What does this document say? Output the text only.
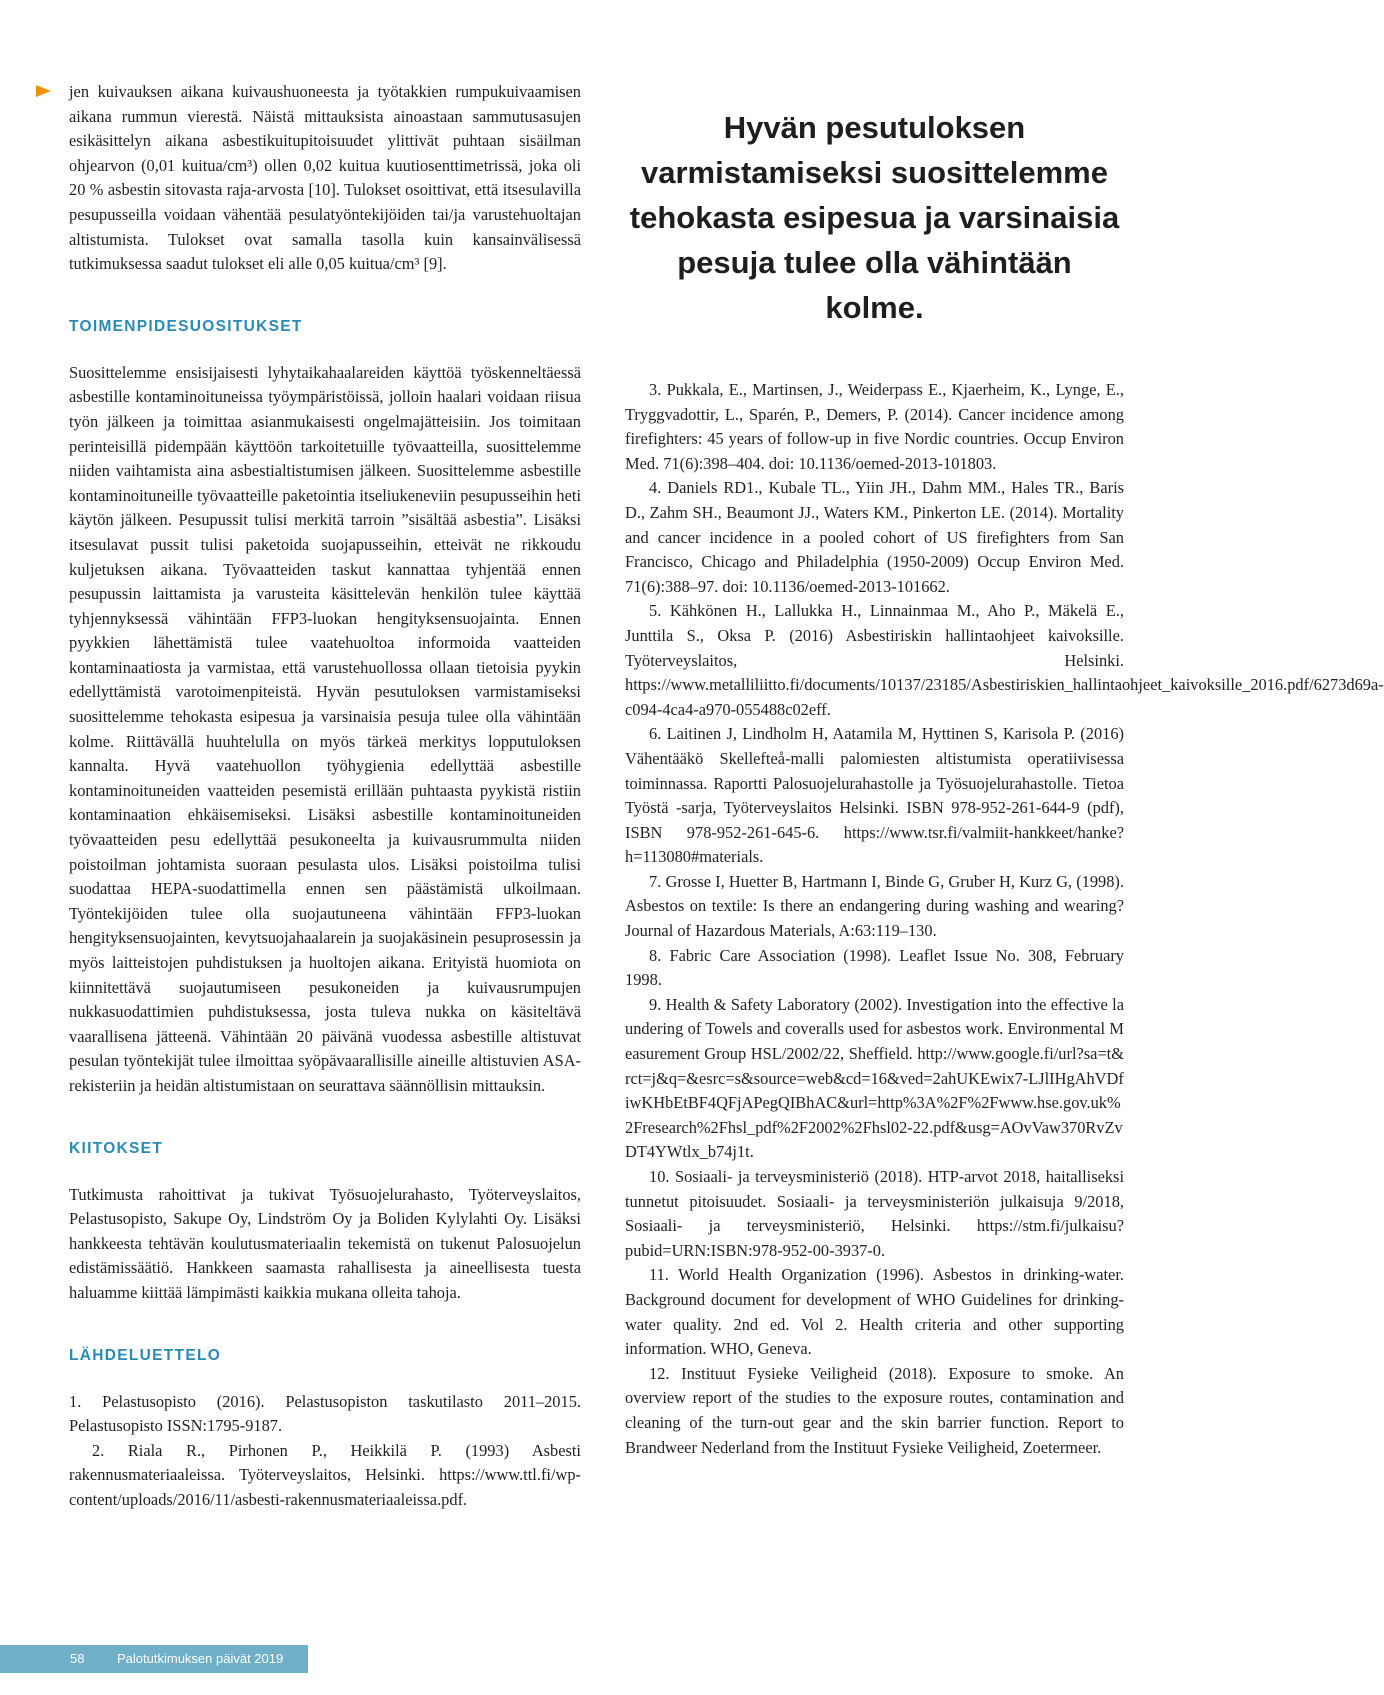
jen kuivauksen aikana kuivaushuoneesta ja työtakkien rumpukuivaamisen aikana rummun vierestä. Näistä mittauksista ainoastaan sammutusasujen esikäsittelyn aikana asbestikuitupitoisuudet ylittivät puhtaan sisäilman ohjearvon (0,01 kuitua/cm³) ollen 0,02 kuitua kuutiosenttimetrissä, joka oli 20 % asbestin sitovasta raja-arvosta [10]. Tulokset osoittivat, että itsesulavilla pesupusseilla voidaan vähentää pesulatyöntekijöiden tai/ja varustehuoltajan altistumista. Tulokset ovat samalla tasolla kuin kansainvälisessä tutkimuksessa saadut tulokset eli alle 0,05 kuitua/cm³ [9].

TOIMENPIDESUOSITUKSET

Suosittelemme ensisijaisesti lyhytaikahaalareiden käyttöä työskenneltäessä asbestille kontaminoituneissa työympäristöissä, jolloin haalari voidaan riisua työn jälkeen ja toimittaa asianmukaisesti ongelmajätteisiin. Jos toimitaan perinteisillä pidempään käyttöön tarkoitetuille työvaatteilla, suosittelemme niiden vaihtamista aina asbestialtistumisen jälkeen. Suosittelemme asbestille kontaminoituneille työvaatteille paketointia itseliukeneviin pesupusseihin heti käytön jälkeen. Pesupussit tulisi merkitä tarroin ”sisältää asbestia”. Lisäksi itsesulavat pussit tulisi paketoida suojapusseihin, etteivät ne rikkoudu kuljetuksen aikana. Työvaatteiden taskut kannattaa tyhjentää ennen pesupussin laittamista ja varusteita käsittelevän henkilön tulee käyttää tyhjennyksessä vähintään FFP3-luokan hengityksensuojainta. Ennen pyykkien lähettämistä tulee vaatehuoltoa informoida vaatteiden kontaminaatiosta ja varmistaa, että varustehuollossa ollaan tietoisia pyykin edellyttämistä varotoimenpiteistä. Hyvän pesutuloksen varmistamiseksi suosittelemme tehokasta esipesua ja varsinaisia pesuja tulee olla vähintään kolme. Riittävällä huuhtelulla on myös tärkeä merkitys lopputuloksen kannalta. Hyvä vaatehuollon työhygienia edellyttää asbestille kontaminoituneiden vaatteiden pesemistä erillään puhtaasta pyykistä ristiin kontaminaation ehkäisemiseksi. Lisäksi asbestille kontaminoituneiden työvaatteiden pesu edellyttää pesukoneelta ja kuivausrummulta niiden poistoilman johtamista suoraan pesulasta ulos. Lisäksi poistoilma tulisi suodattaa HEPA-suodattimella ennen sen päästämistä ulkoilmaan. Työntekijöiden tulee olla suojautuneena vähintään FFP3-luokan hengityksensuojainten, kevytsuojahaalarein ja suojakäsinein pesuprosessin ja myös laitteistojen puhdistuksen ja huoltojen aikana. Erityistä huomiota on kiinnitettävä suojautumiseen pesukoneiden ja kuivausrumpujen nukkasuodattimien puhdistuksessa, josta tuleva nukka on käsiteltävä vaarallisena jätteenä. Vähintään 20 päivänä vuodessa asbestille altistuvat pesulan työntekijät tulee ilmoittaa syöpävaarallisille aineille altistuvien ASA-rekisteriin ja heidän altistumistaan on seurattava säännöllisin mittauksin.

KIITOKSET

Tutkimusta rahoittivat ja tukivat Työsuojelurahasto, Työterveyslaitos, Pelastusopisto, Sakupe Oy, Lindström Oy ja Boliden Kylylahti Oy. Lisäksi hankkeesta tehtävän koulutusmateriaalin tekemistä on tukenut Palosuojelun edistämissäätiö. Hankkeen saamasta rahallisesta ja aineellisesta tuesta haluamme kiittää lämpimästi kaikkia mukana olleita tahoja.

LÄHDELUETTELO

1. Pelastusopisto (2016). Pelastusopiston taskutilasto 2011–2015. Pelastusopisto ISSN:1795-9187.

2. Riala R., Pirhonen P., Heikkilä P. (1993) Asbesti rakennusmateriaaleissa. Työterveyslaitos, Helsinki. https://www.ttl.fi/wp-content/uploads/2016/11/asbesti-rakennusmateriaaleissa.pdf.

Hyvän pesutuloksen varmistamiseksi suosittelemme tehokasta esipesua ja varsinaisia pesuja tulee olla vähintään kolme.

3. Pukkala, E., Martinsen, J., Weiderpass E., Kjaerheim, K., Lynge, E., Tryggvadottir, L., Sparén, P., Demers, P. (2014). Cancer incidence among firefighters: 45 years of follow-up in five Nordic countries. Occup Environ Med. 71(6):398–404. doi: 10.1136/oemed-2013-101803.

4. Daniels RD1., Kubale TL., Yiin JH., Dahm MM., Hales TR., Baris D., Zahm SH., Beaumont JJ., Waters KM., Pinkerton LE. (2014). Mortality and cancer incidence in a pooled cohort of US firefighters from San Francisco, Chicago and Philadelphia (1950-2009) Occup Environ Med. 71(6):388–97. doi: 10.1136/oemed-2013-101662.

5. Kähkönen H., Lallukka H., Linnainmaa M., Aho P., Mäkelä E., Junttila S., Oksa P. (2016) Asbestiriskin hallintaohjeet kaivoksille. Työterveyslaitos, Helsinki. https://www.metalliliitto.fi/documents/10137/23185/Asbestiriskien_hallintaohjeet_kaivoksille_2016.pdf/6273d69a-c094-4ca4-a970-055488c02eff.

6. Laitinen J, Lindholm H, Aatamila M, Hyttinen S, Karisola P. (2016) Vähentääkö Skellefteå-malli palomiesten altistumista operatiivisessa toiminnassa. Raportti Palosuojelurahastolle ja Työsuojelurahastolle. Tietoa Työstä -sarja, Työterveyslaitos Helsinki. ISBN 978-952-261-644-9 (pdf), ISBN 978-952-261-645-6. https://www.tsr.fi/valmiit-hankkeet/hanke?h=113080#materials.

7. Grosse I, Huetter B, Hartmann I, Binde G, Gruber H, Kurz G, (1998). Asbestos on textile: Is there an endangering during washing and wearing? Journal of Hazardous Materials, A:63:119–130.

8. Fabric Care Association (1998). Leaflet Issue No. 308, February 1998.

9. Health & Safety Laboratory (2002). Investigation into the effective laundering of Towels and coveralls used for asbestos work. Environmental Measurement Group HSL/2002/22, Sheffield. http://www.google.fi/url?sa=t&rct=j&q=&esrc=s&source=web&cd=16&ved=2ahUKEwix7-LJlIHgAhVDfiwKHbEtBF4QFjAPegQIBhAC&url=http%3A%2F%2Fwww.hse.gov.uk%2Fresearch%2Fhsl_pdf%2F2002%2Fhsl02-22.pdf&usg=AOvVaw370RvZvDT4YWtlx_b74j1t.

10. Sosiaali- ja terveysministeriö (2018). HTP-arvot 2018, haitalliseksi tunnetut pitoisuudet. Sosiaali- ja terveysministeriön julkaisuja 9/2018, Sosiaali- ja terveysministeriö, Helsinki. https://stm.fi/julkaisu?pubid=URN:ISBN:978-952-00-3937-0.

11. World Health Organization (1996). Asbestos in drinking-water. Background document for development of WHO Guidelines for drinking-water quality. 2nd ed. Vol 2. Health criteria and other supporting information. WHO, Geneva.

12. Instituut Fysieke Veiligheid (2018). Exposure to smoke. An overview report of the studies to the exposure routes, contamination and cleaning of the turn-out gear and the skin barrier function. Report to Brandweer Nederland from the Instituut Fysieke Veiligheid, Zoetermeer.

58	Palotutkimuksen päivät 2019
